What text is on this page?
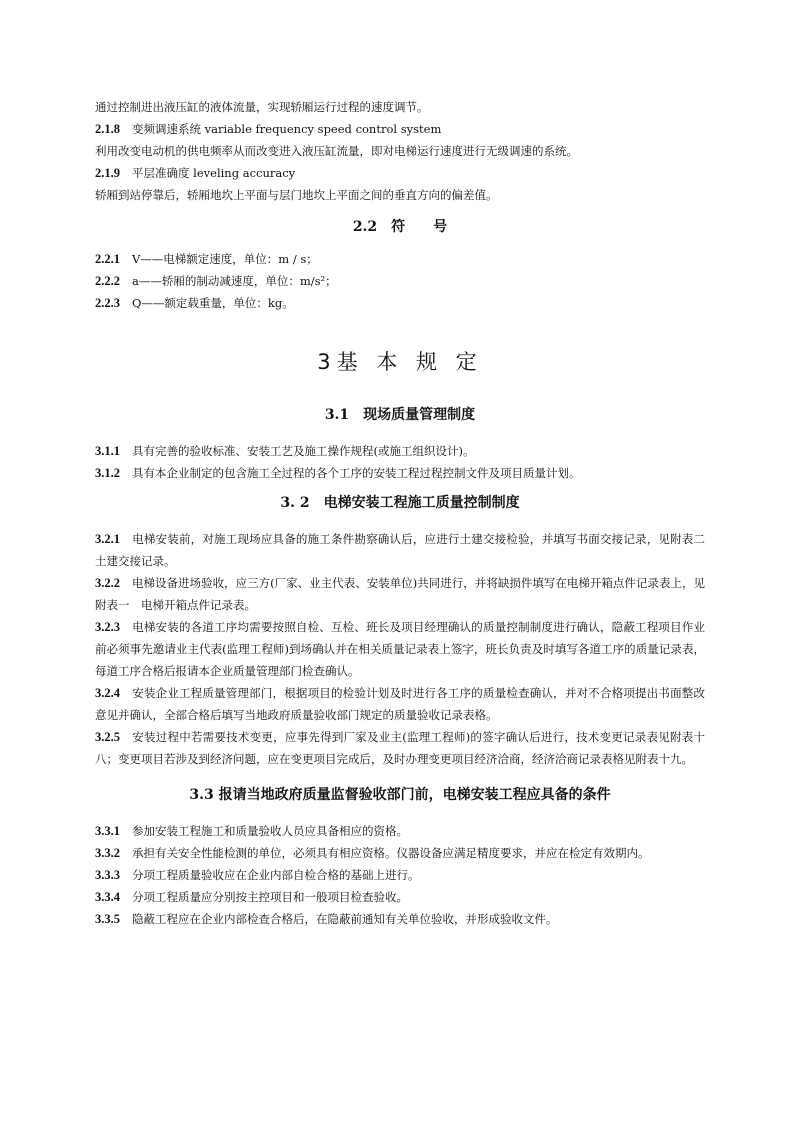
通过控制进出液压缸的液体流量，实现轿厢运行过程的速度调节。

2.1.8 变频调速系统 variable frequency speed control system

利用改变电动机的供电频率从而改变进入液压缸流量，即对电梯运行速度进行无级调速的系统。

2.1.9 平层准确度 leveling accuracy

轿厢到站停靠后，轿厢地坎上平面与层门地坎上平面之间的垂直方向的偏差值。

2.2　符　　号

2.2.1 V——电梯额定速度，单位：m / s；

2.2.2 a——轿厢的制动减速度，单位：m/s²；

2.2.3 Q——额定载重量，单位：kg。

3基 本 规 定
3.1　现场质量管理制度

3.1.1 具有完善的验收标准、安装工艺及施工操作规程(或施工组织设计)。

3.1.2 具有本企业制定的包含施工全过程的各个工序的安装工程过程控制文件及项目质量计划。

3. 2　电梯安装工程施工质量控制制度

3.2.1 电梯安装前，对施工现场应具备的施工条件勘察确认后，应进行土建交接检验，并填写书面交接记录，见附表二　土建交接记录。

3.2.2 电梯设备进场验收，应三方(厂家、业主代表、安装单位)共同进行，并将缺损件填写在电梯开箱点件记录表上，见附表一　电梯开箱点件记录表。

3.2.3 电梯安装的各道工序均需要按照自检、互检、班长及项目经理确认的质量控制制度进行确认，隐蔽工程项目作业前必须事先邀请业主代表(监理工程师)到场确认并在相关质量记录表上签字，班长负责及时填写各道工序的质量记录表，每道工序合格后报请本企业质量管理部门检查确认。

3.2.4 安装企业工程质量管理部门，根据项目的检验计划及时进行各工序的质量检查确认，并对不合格项提出书面整改意见并确认，全部合格后填写当地政府质量验收部门规定的质量验收记录表格。

3.2.5 安装过程中若需要技术变更，应事先得到厂家及业主(监理工程师)的签字确认后进行，技术变更记录表见附表十八；变更项目若涉及到经济问题，应在变更项目完成后，及时办理变更项目经济洽商，经济洽商记录表格见附表十九。

3.3 报请当地政府质量监督验收部门前，电梯安装工程应具备的条件

3.3.1 参加安装工程施工和质量验收人员应具备相应的资格。

3.3.2 承担有关安全性能检测的单位，必须具有相应资格。仪器设备应满足精度要求，并应在检定有效期内。

3.3.3 分项工程质量验收应在企业内部自检合格的基础上进行。

3.3.4 分项工程质量应分别按主控项目和一般项目检查验收。

3.3.5 隐蔽工程应在企业内部检查合格后，在隐蔽前通知有关单位验收，并形成验收文件。
